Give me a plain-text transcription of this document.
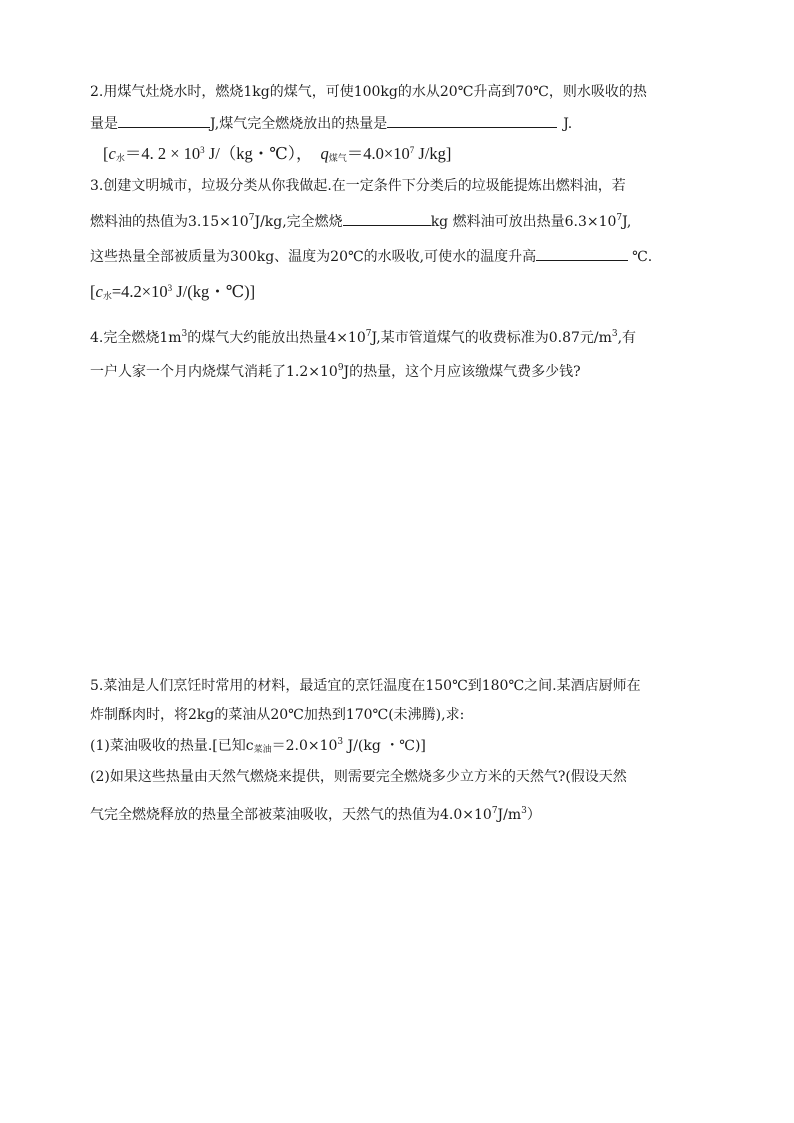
2.用煤气灶烧水时，燃烧1kg的煤气，可使100kg的水从20℃升高到70℃，则水吸收的热
量是	J,煤气完全燃烧放出的热量是	J.
[$c_水=4$. $2 \times 10^3$ J/（kg・℃）， $q_{煤气}=4.0\times 10^7$ J/kg]
3.创建文明城市，垃圾分类从你我做起.在一定条件下分类后的垃圾能提炼出燃料油，若
燃料油的热值为$3.15\times 10^7J/kg$,完全燃烧	kg 燃料油可放出热量$6.3\times 10^7J$,
这些热量全部被质量为300kg、温度为20℃的水吸收,可使水的温度升高	℃.
[$c_水=4.2\times 10^3$ J/(kg・℃)]
4.完全燃烧$1m^3$的煤气大约能放出热量$4\times 10^7J$,某市管道煤气的收费标准为0.87元$/m^3$,有
一户人家一个月内烧煤气消耗了$1.2\times 10^9J$的热量，这个月应该缴煤气费多少钱?
5.菜油是人们烹饪时常用的材料，最适宜的烹饪温度在150℃到180℃之间.某酒店厨师在
炸制酥肉时，将2kg的菜油从20℃加热到170℃(未沸腾),求:
(1)菜油吸收的热量.[已知$c_{菜油}=2.0\times 10^3$ J/(kg ・℃)]
(2)如果这些热量由天然气燃烧来提供，则需要完全燃烧多少立方米的天然气?(假设天然
气完全燃烧释放的热量全部被菜油吸收，天然气的热值为$4.0\times 10^7J/m^3$）
